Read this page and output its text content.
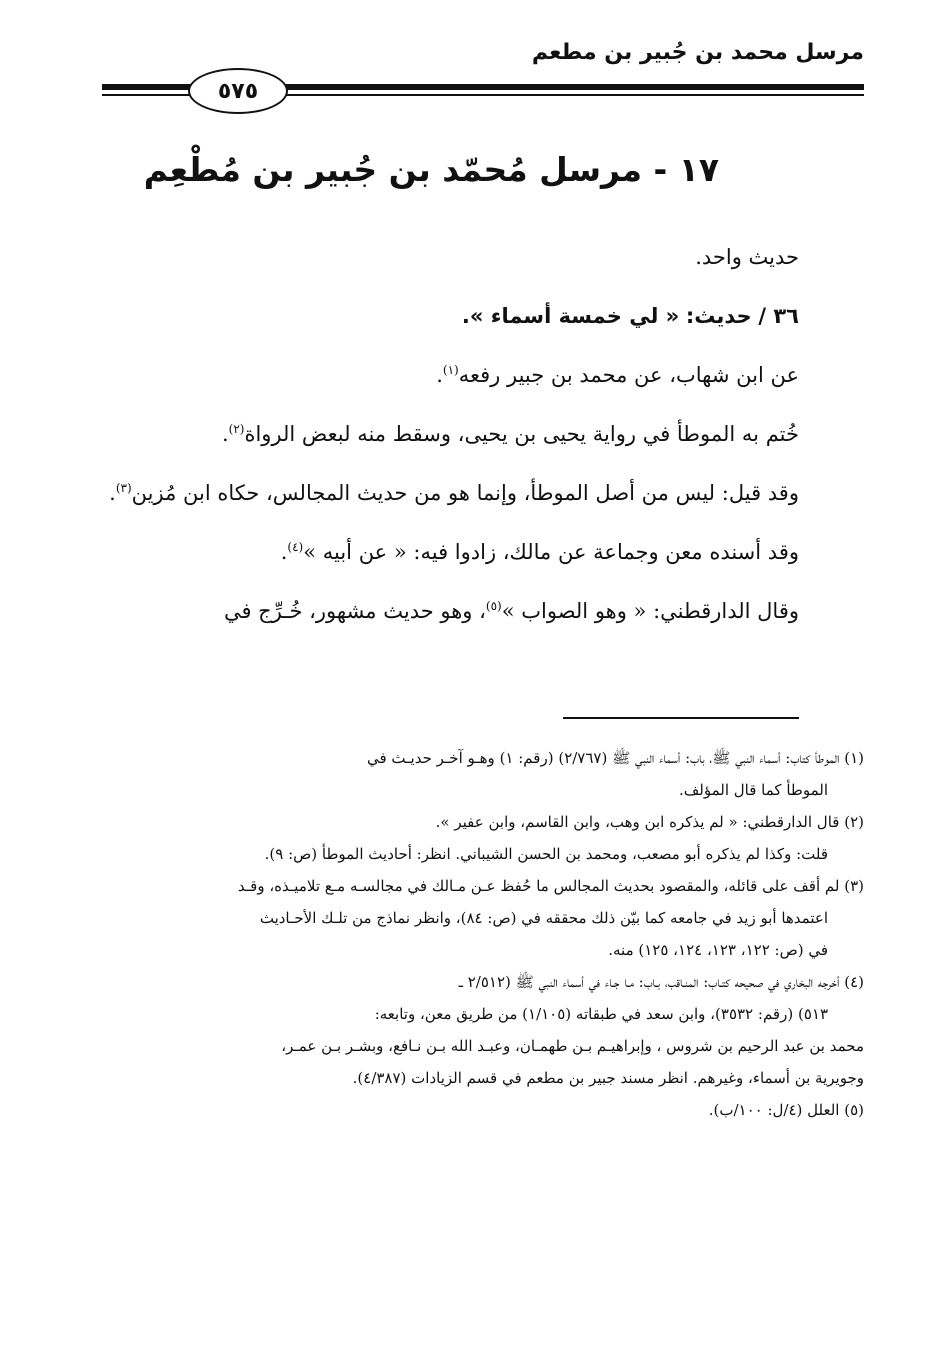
مرسل محمد بن جُبير بن مطعم
٥٧٥
١٧ - مرسل مُحمّد بن جُبير بن مُطْعِم

حديث واحد.

٣٦ / حديث: « لي خمسة أسماء ».

عن ابن شهاب، عن محمد بن جبير رفعه$^{(١)}$.

خُتم به الموطأ في رواية يحيى بن يحيى، وسقط منه لبعض الرواة$^{(٢)}$.

وقد قيل: ليس من أصل الموطأ، وإنما هو من حديث المجالس، حكاه ابن مُزين$^{(٣)}$.

وقد أسنده معن وجماعة عن مالك، زادوا فيه: « عن أبيه »$^{(٤)}$.

وقال الدارقطني: « وهو الصواب »$^{(٥)}$، وهو حديث مشهور، خُـرِّج في

(١) الموطأ كتاب: أسماء النبي ﷺ، باب: أسماء النبي ﷺ (٢/٧٦٧) (رقم: ١) وهـو آخـر حديـث في

الموطأ كما قال المؤلف.

(٢) قال الدارقطني: « لم يذكره ابن وهب، وابن القاسم، وابن عفير ».

قلت: وكذا لم يذكره أبو مصعب، ومحمد بن الحسن الشيباني. انظر: أحاديث الموطأ (ص: ٩).

(٣) لم أقف على قائله، والمقصود بحديث المجالس ما حُفظ عـن مـالك في مجالسـه مـع تلاميـذه، وقـد

اعتمدها أبو زيد في جامعه كما بيّن ذلك محققه في (ص: ٨٤)، وانظر نماذج من تلـك الأحـاديث

في (ص: ١٢٢، ١٢٣، ١٢٤، ١٢٥) منه.

(٤) أخرجه البخاري في صحيحه كتـاب: المنـاقب، بـاب: مـا جـاء في أسماء النبي ﷺ (٢/٥١٢ ـ

٥١٣) (رقم: ٣٥٣٢)، وابن سعد في طبقاته (١/١٠٥) من طريق معن، وتابعه:

محمد بن عبد الرحيم بن شروس ، وإبراهيـم بـن طهمـان، وعبـد الله بـن نـافع، وبشـر بـن عمـر،

وجويرية بن أسماء، وغيرهم. انظر مسند جبير بن مطعم في قسم الزيادات (٤/٣٨٧).

(٥) العلل (٤/ل: ١٠٠/ب).
